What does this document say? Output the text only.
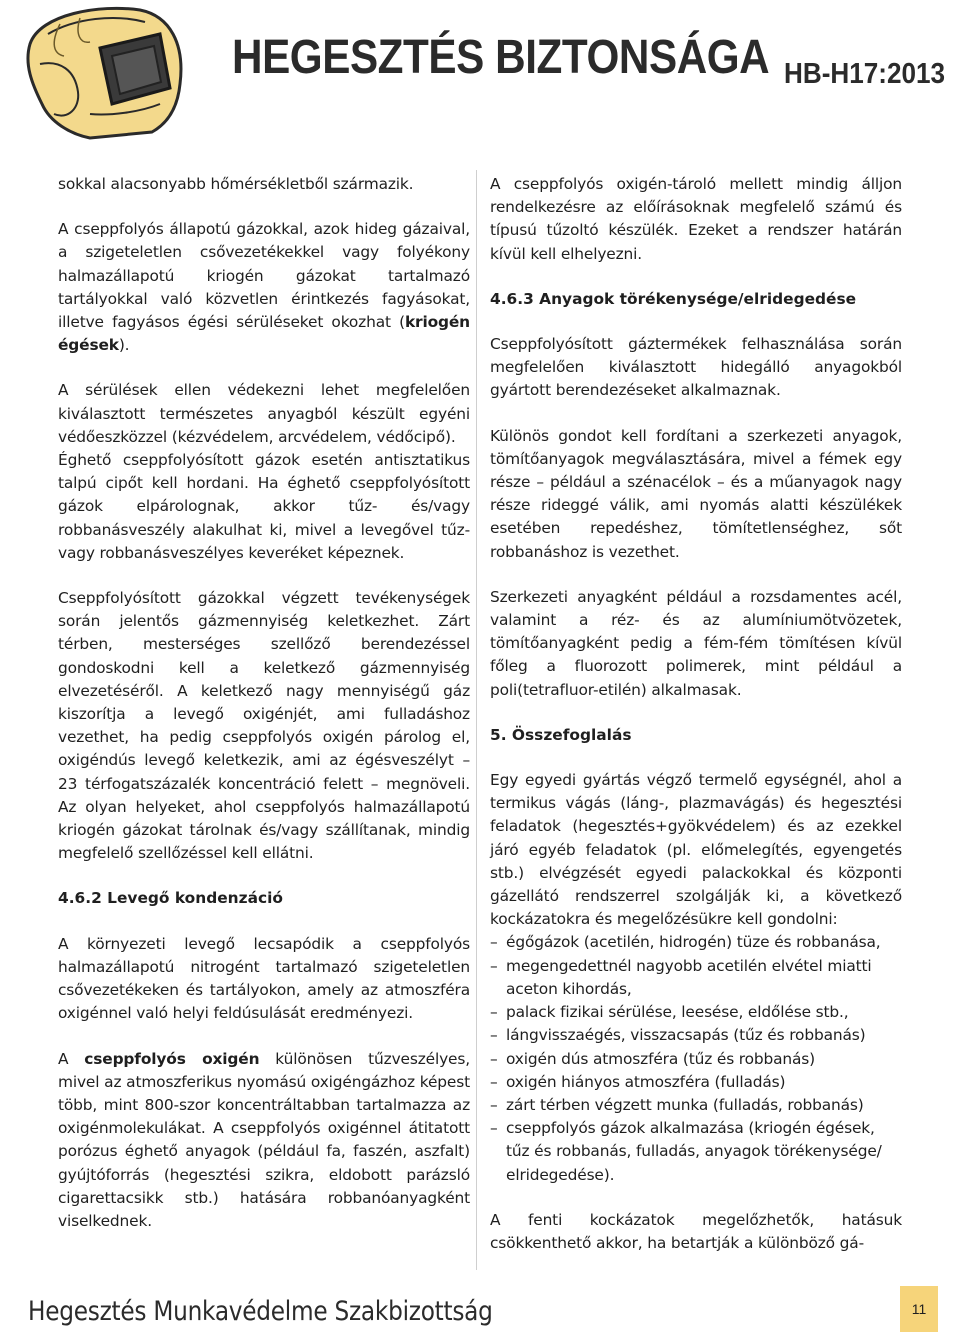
HEGESZTÉS BIZTONSÁGA HB-H17:2013

sokkal alacsonyabb hőmérsékletből származik.

A cseppfolyós állapotú gázokkal, azok hideg gázaival, a szigeteletlen csővezetékekkel vagy folyékony halmazállapotú kriogén gázokat tartalmazó tartályokkal való közvetlen érintkezés fagyásokat, illetve fagyásos égési sérüléseket okozhat (kriogén égések).

A sérülések ellen védekezni lehet megfelelően kiválasztott természetes anyagból készült egyéni védőeszközzel (kézvédelem, arcvédelem, védőcipő).

Éghető cseppfolyósított gázok esetén antisztatikus talpú cipőt kell hordani. Ha éghető cseppfolyósított gázok elpárolognak, akkor tűz- és/vagy robbanásveszély alakulhat ki, mivel a levegővel tűz- vagy robbanásveszélyes keveréket képeznek.

Cseppfolyósított gázokkal végzett tevékenységek során jelentős gázmennyiség keletkezhet. Zárt térben, mesterséges szellőző berendezéssel gondoskodni kell a keletkező gázmennyiség elvezetéséről. A keletkező nagy mennyiségű gáz kiszorítja a levegő oxigénjét, ami fulladáshoz vezethet, ha pedig cseppfolyós oxigén párolog el, oxigéndús levegő keletkezik, ami az égésveszélyt – 23 térfogatszázalék koncentráció felett – megnöveli. Az olyan helyeket, ahol cseppfolyós halmazállapotú kriogén gázokat tárolnak és/vagy szállítanak, mindig megfelelő szellőzéssel kell ellátni.

4.6.2 Levegő kondenzáció

A környezeti levegő lecsapódik a cseppfolyós halmazállapotú nitrogént tartalmazó szigeteletlen csővezetékeken és tartályokon, amely az atmoszféra oxigénnel való helyi feldúsulását eredményezi.

A cseppfolyós oxigén különösen tűzveszélyes, mivel az atmoszferikus nyomású oxigéngázhoz képest több, mint 800-szor koncentráltabban tartalmazza az oxigénmolekulákat. A cseppfolyós oxigénnel átitatott porózus éghető anyagok (például fa, faszén, aszfalt) gyújtóforrás (hegesztési szikra, eldobott parázsló cigarettacsikk stb.) hatására robbanóanyagként viselkednek.

A cseppfolyós oxigén-tároló mellett mindig álljon rendelkezésre az előírásoknak megfelelő számú és típusú tűzoltó készülék. Ezeket a rendszer határán kívül kell elhelyezni.

4.6.3 Anyagok törékenysége/elridegedése

Cseppfolyósított gáztermékek felhasználása során megfelelően kiválasztott hidegálló anyagokból gyártott berendezéseket alkalmaznak.

Különös gondot kell fordítani a szerkezeti anyagok, tömítőanyagok megválasztására, mivel a fémek egy része – például a szénacélok – és a műanyagok nagy része rideggé válik, ami nyomás alatti készülékek esetében repedéshez, tömítetlenséghez, sőt robbanáshoz is vezethet.

Szerkezeti anyagként például a rozsdamentes acél, valamint a réz- és az alumíniumötvözetek, tömítőanyagként pedig a fém-fém tömítésen kívül főleg a fluorozott polimerek, mint például a poli(tetrafluor-etilén) alkalmasak.

5. Összefoglalás

Egy egyedi gyártás végző termelő egységnél, ahol a termikus vágás (láng-, plazmavágás) és hegesztési feladatok (hegesztés+gyökvédelem) és az ezekkel járó egyéb feladatok (pl. előmelegítés, egyengetés stb.) elvégzését egyedi palackokkal és központi gázellátó rendszerrel szolgálják ki, a következő kockázatokra és megelőzésükre kell gondolni:

– égőgázok (acetilén, hidrogén) tüze és robbanása,
– megengedettnél nagyobb acetilén elvétel miatti aceton kihordás,
– palack fizikai sérülése, leesése, eldőlése stb.,
– lángvisszaégés, visszacsapás (tűz és robbanás)
– oxigén dús atmoszféra (tűz és robbanás)
– oxigén hiányos atmoszféra (fulladás)
– zárt térben végzett munka (fulladás, robbanás)
– cseppfolyós gázok alkalmazása (kriogén égések, tűz és robbanás, fulladás, anyagok törékenysége/ elridegedése).

A fenti kockázatok megelőzhetők, hatásuk csökkenthető akkor, ha betartják a különböző gá-

Hegesztés Munkavédelme Szakbizottság	11
